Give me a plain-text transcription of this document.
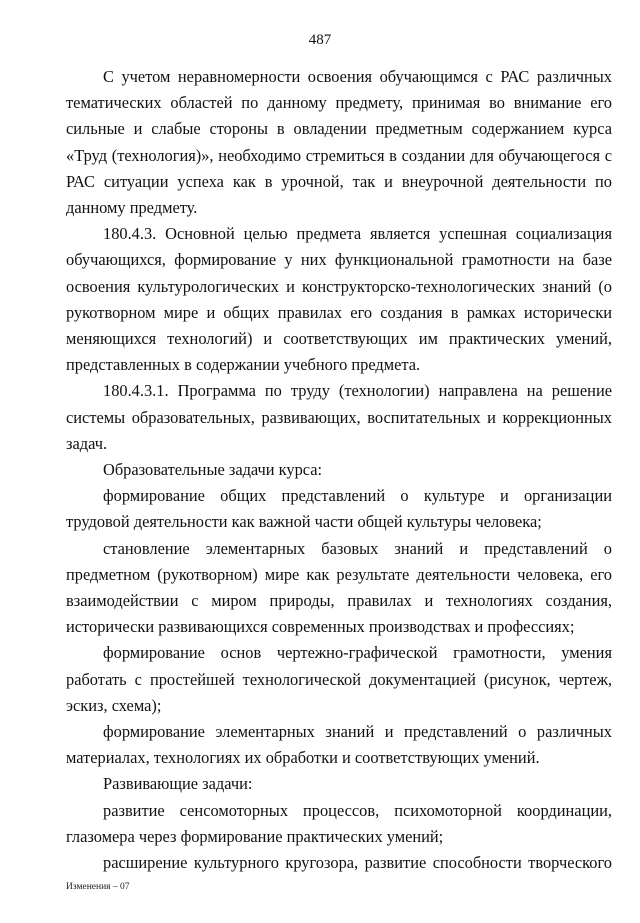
487

С учетом неравномерности освоения обучающимся с РАС различных тематических областей по данному предмету, принимая во внимание его сильные и слабые стороны в овладении предметным содержанием курса «Труд (технология)», необходимо стремиться в создании для обучающегося с РАС ситуации успеха как в урочной, так и внеурочной деятельности по данному предмету.

180.4.3. Основной целью предмета является успешная социализация обучающихся, формирование у них функциональной грамотности на базе освоения культурологических и конструкторско-технологических знаний (о рукотворном мире и общих правилах его создания в рамках исторически меняющихся технологий) и соответствующих им практических умений, представленных в содержании учебного предмета.

180.4.3.1. Программа по труду (технологии) направлена на решение системы образовательных, развивающих, воспитательных и коррекционных задач.

Образовательные задачи курса:

формирование общих представлений о культуре и организации трудовой деятельности как важной части общей культуры человека;

становление элементарных базовых знаний и представлений о предметном (рукотворном) мире как результате деятельности человека, его взаимодействии с миром природы, правилах и технологиях создания, исторически развивающихся современных производствах и профессиях;

формирование основ чертежно-графической грамотности, умения работать с простейшей технологической документацией (рисунок, чертеж, эскиз, схема);

формирование элементарных знаний и представлений о различных материалах, технологиях их обработки и соответствующих умений.

Развивающие задачи:

развитие сенсомоторных процессов, психомоторной координации, глазомера через формирование практических умений;

расширение культурного кругозора, развитие способности творческого

Изменения – 07
